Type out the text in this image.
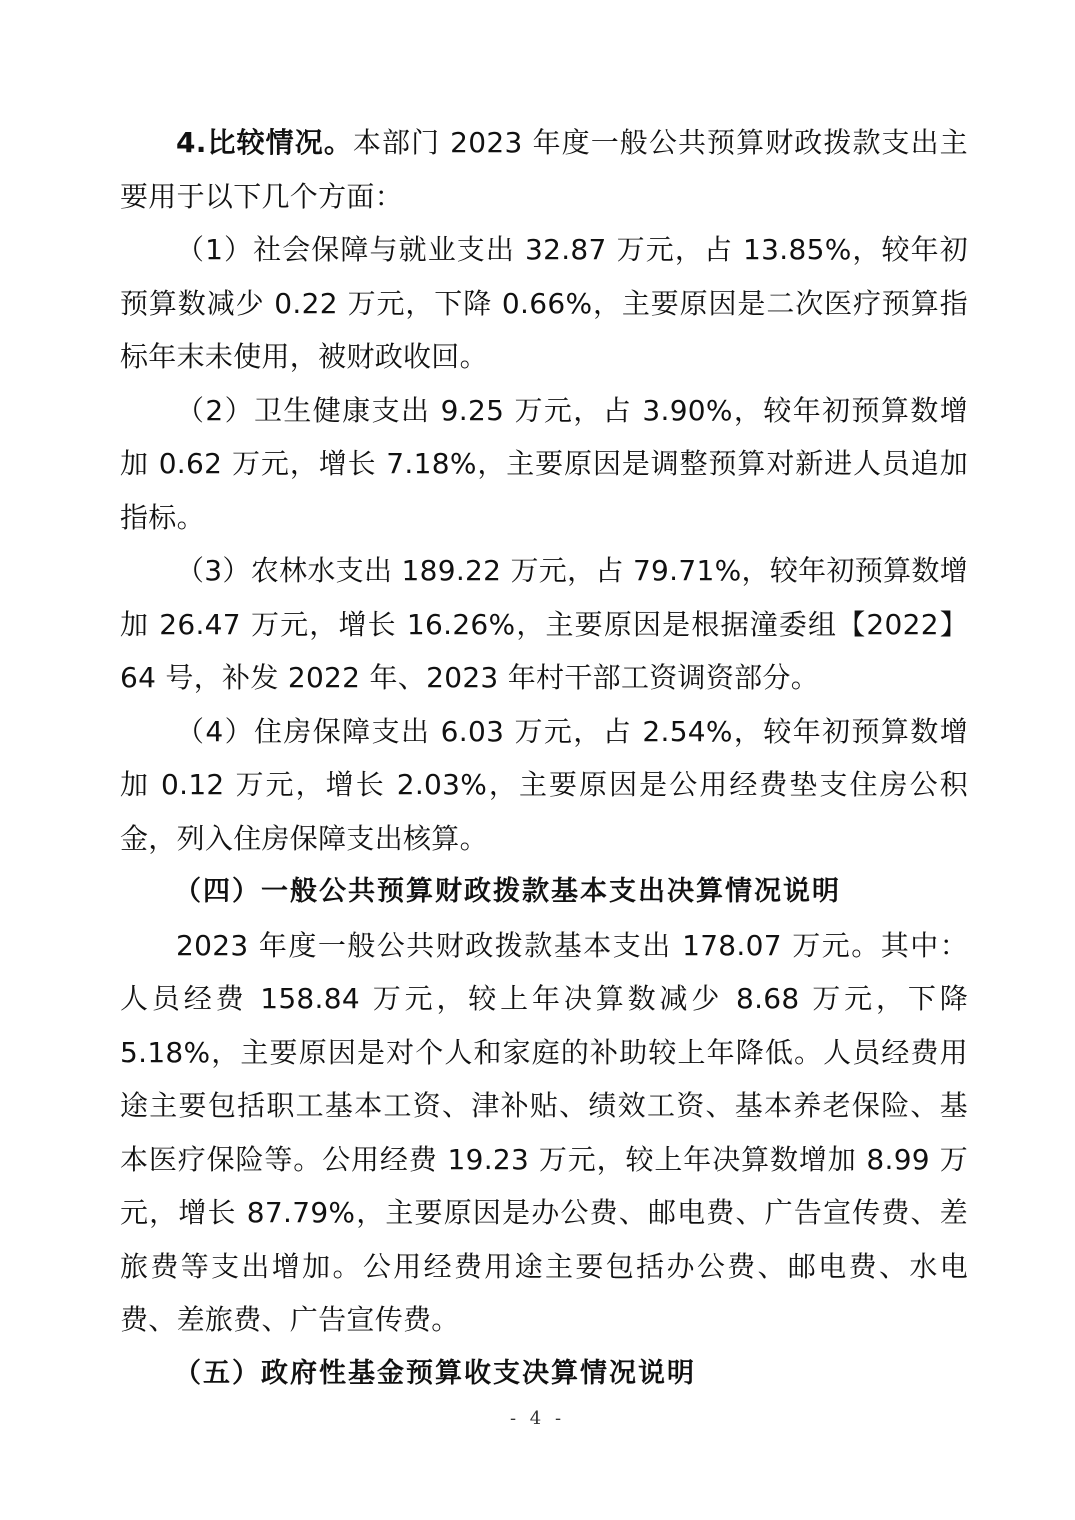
4.比较情况。本部门 2023 年度一般公共预算财政拨款支出主要用于以下几个方面：

（1）社会保障与就业支出 32.87 万元，占 13.85%，较年初预算数减少 0.22 万元，下降 0.66%，主要原因是二次医疗预算指标年末未使用，被财政收回。

（2）卫生健康支出 9.25 万元，占 3.90%，较年初预算数增加 0.62 万元，增长 7.18%，主要原因是调整预算对新进人员追加指标。

（3）农林水支出 189.22 万元，占 79.71%，较年初预算数增加 26.47 万元，增长 16.26%，主要原因是根据潼委组【2022】64 号，补发 2022 年、2023 年村干部工资调资部分。

（4）住房保障支出 6.03 万元，占 2.54%，较年初预算数增加 0.12 万元，增长 2.03%，主要原因是公用经费垫支住房公积金，列入住房保障支出核算。

（四）一般公共预算财政拨款基本支出决算情况说明

2023 年度一般公共财政拨款基本支出 178.07 万元。其中：人员经费 158.84 万元，较上年决算数减少 8.68 万元，下降 5.18%，主要原因是对个人和家庭的补助较上年降低。人员经费用途主要包括职工基本工资、津补贴、绩效工资、基本养老保险、基本医疗保险等。公用经费 19.23 万元，较上年决算数增加 8.99 万元，增长 87.79%，主要原因是办公费、邮电费、广告宣传费、差旅费等支出增加。公用经费用途主要包括办公费、邮电费、水电费、差旅费、广告宣传费。

（五）政府性基金预算收支决算情况说明

- 4 -
